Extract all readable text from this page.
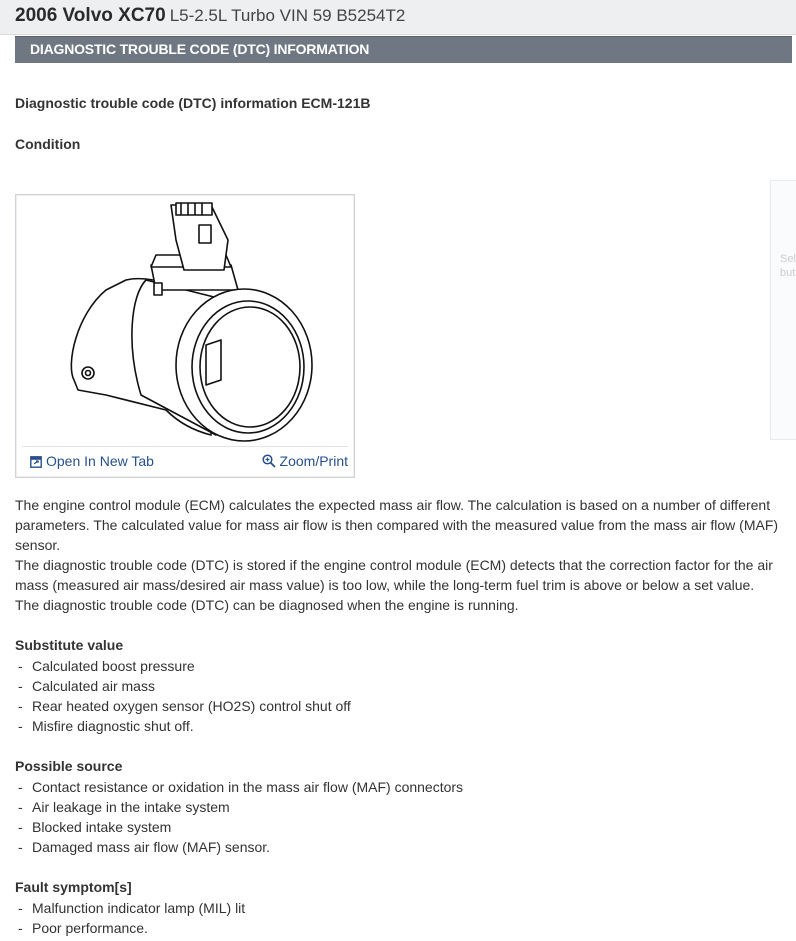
2006 Volvo XC70 L5-2.5L Turbo VIN 59 B5254T2
DIAGNOSTIC TROUBLE CODE (DTC) INFORMATION
Diagnostic trouble code (DTC) information ECM-121B
Condition
Open In New Tab	Zoom/Print
Sel
but
The engine control module (ECM) calculates the expected mass air flow. The calculation is based on a number of different parameters. The calculated value for mass air flow is then compared with the measured value from the mass air flow (MAF) sensor.
The diagnostic trouble code (DTC) is stored if the engine control module (ECM) detects that the correction factor for the air mass (measured air mass/desired air mass value) is too low, while the long-term fuel trim is above or below a set value.
The diagnostic trouble code (DTC) can be diagnosed when the engine is running.
Substitute value
- Calculated boost pressure
- Calculated air mass
- Rear heated oxygen sensor (HO2S) control shut off
- Misfire diagnostic shut off.
Possible source
- Contact resistance or oxidation in the mass air flow (MAF) connectors
- Air leakage in the intake system
- Blocked intake system
- Damaged mass air flow (MAF) sensor.
Fault symptom[s]
- Malfunction indicator lamp (MIL) lit
- Poor performance.
